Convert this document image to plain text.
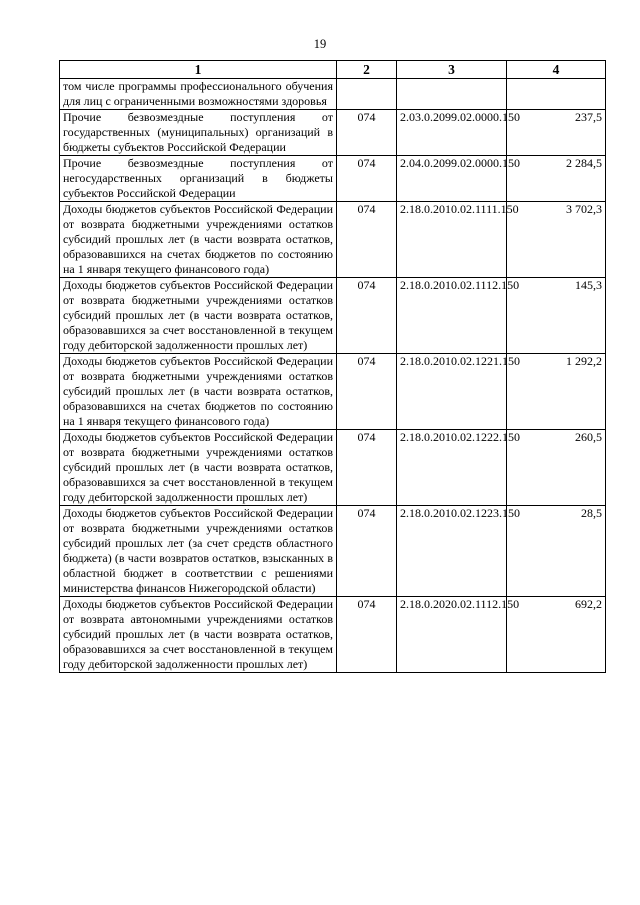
19
1	2	3	4
том числе программы профессионального обучения для лиц с ограниченными возможностями здоровья			
Прочие безвозмездные поступления от государственных (муниципальных) организаций в бюджеты субъектов Российской Федерации	074	2.03.0.2099.02.0000.150	237,5
Прочие безвозмездные поступления от негосударственных организаций в бюджеты субъектов Российской Федерации	074	2.04.0.2099.02.0000.150	2 284,5
Доходы бюджетов субъектов Российской Федерации от возврата бюджетными учреждениями остатков субсидий прошлых лет (в части возврата остатков, образовавшихся на счетах бюджетов по состоянию на 1 января текущего финансового года)	074	2.18.0.2010.02.1111.150	3 702,3
Доходы бюджетов субъектов Российской Федерации от возврата бюджетными учреждениями остатков субсидий прошлых лет (в части возврата остатков, образовавшихся за счет восстановленной в текущем году дебиторской задолженности прошлых лет)	074	2.18.0.2010.02.1112.150	145,3
Доходы бюджетов субъектов Российской Федерации от возврата бюджетными учреждениями остатков субсидий прошлых лет (в части возврата остатков, образовавшихся на счетах бюджетов по состоянию на 1 января текущего финансового года)	074	2.18.0.2010.02.1221.150	1 292,2
Доходы бюджетов субъектов Российской Федерации от возврата бюджетными учреждениями остатков субсидий прошлых лет (в части возврата остатков, образовавшихся за счет восстановленной в текущем году дебиторской задолженности прошлых лет)	074	2.18.0.2010.02.1222.150	260,5
Доходы бюджетов субъектов Российской Федерации от возврата бюджетными учреждениями остатков субсидий прошлых лет (за счет средств областного бюджета) (в части возвратов остатков, взысканных в областной бюджет в соответствии с решениями министерства финансов Нижегородской области)	074	2.18.0.2010.02.1223.150	28,5
Доходы бюджетов субъектов Российской Федерации от возврата автономными учреждениями остатков субсидий прошлых лет (в части возврата остатков, образовавшихся за счет восстановленной в текущем году дебиторской задолженности прошлых лет)	074	2.18.0.2020.02.1112.150	692,2
